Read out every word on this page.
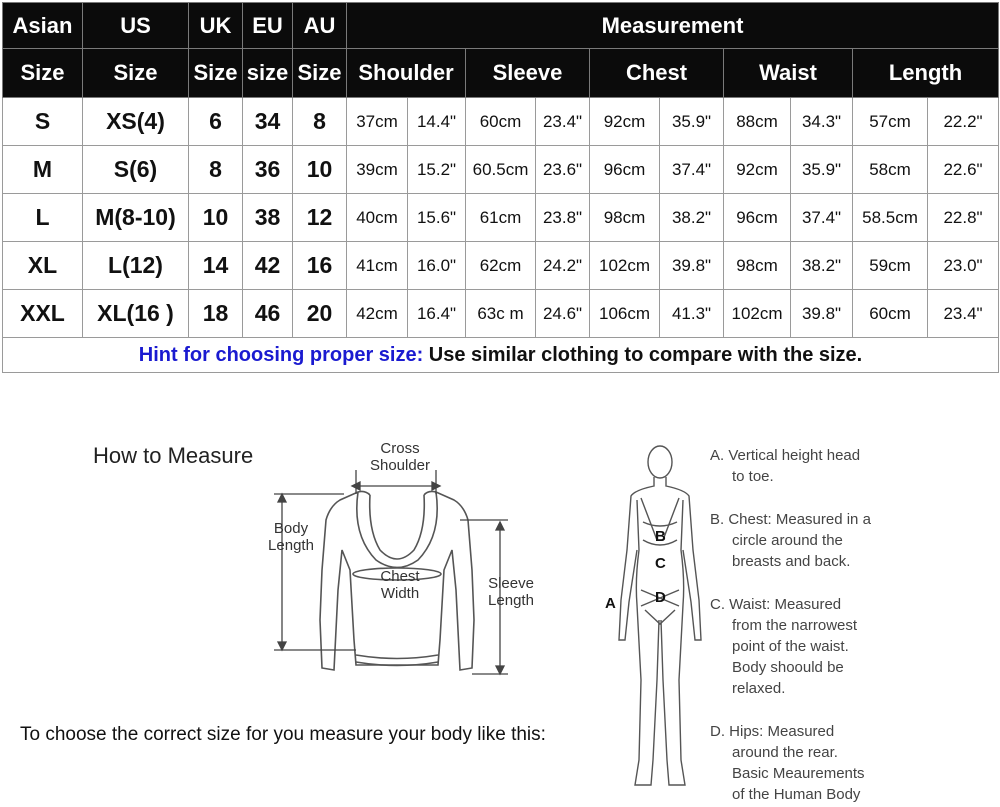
Asian	US	UK	EU	AU	Measurement									
Size	Size	Size	size	Size	Shoulder		Sleeve		Chest		Waist		Length	
S	XS(4)	6	34	8	37cm	14.4"	60cm	23.4"	92cm	35.9"	88cm	34.3"	57cm	22.2"
M	S(6)	8	36	10	39cm	15.2"	60.5cm	23.6"	96cm	37.4"	92cm	35.9"	58cm	22.6"
L	M(8-10)	10	38	12	40cm	15.6"	61cm	23.8"	98cm	38.2"	96cm	37.4"	58.5cm	22.8"
XL	L(12)	14	42	16	41cm	16.0"	62cm	24.2"	102cm	39.8"	98cm	38.2"	59cm	23.0"
XXL	XL(16 )	18	46	20	42cm	16.4"	63c m	24.6"	106cm	41.3"	102cm	39.8"	60cm	23.4"
Hint for choosing proper size: Use similar clothing to compare with the size.														
How to Measure	Cross
Shoulder
Body
Length
Chest
Width
Sleeve
Length
To choose the correct size for you measure your body like this:
B
C
D
A
A. Vertical height head
to toe.
B. Chest: Measured in a
circle around the
breasts and back.
C. Waist: Measured
from the narrowest
point of the waist.
Body shoould be
relaxed.
D. Hips: Measured
around the rear.
Basic Meaurements
of the Human Body
